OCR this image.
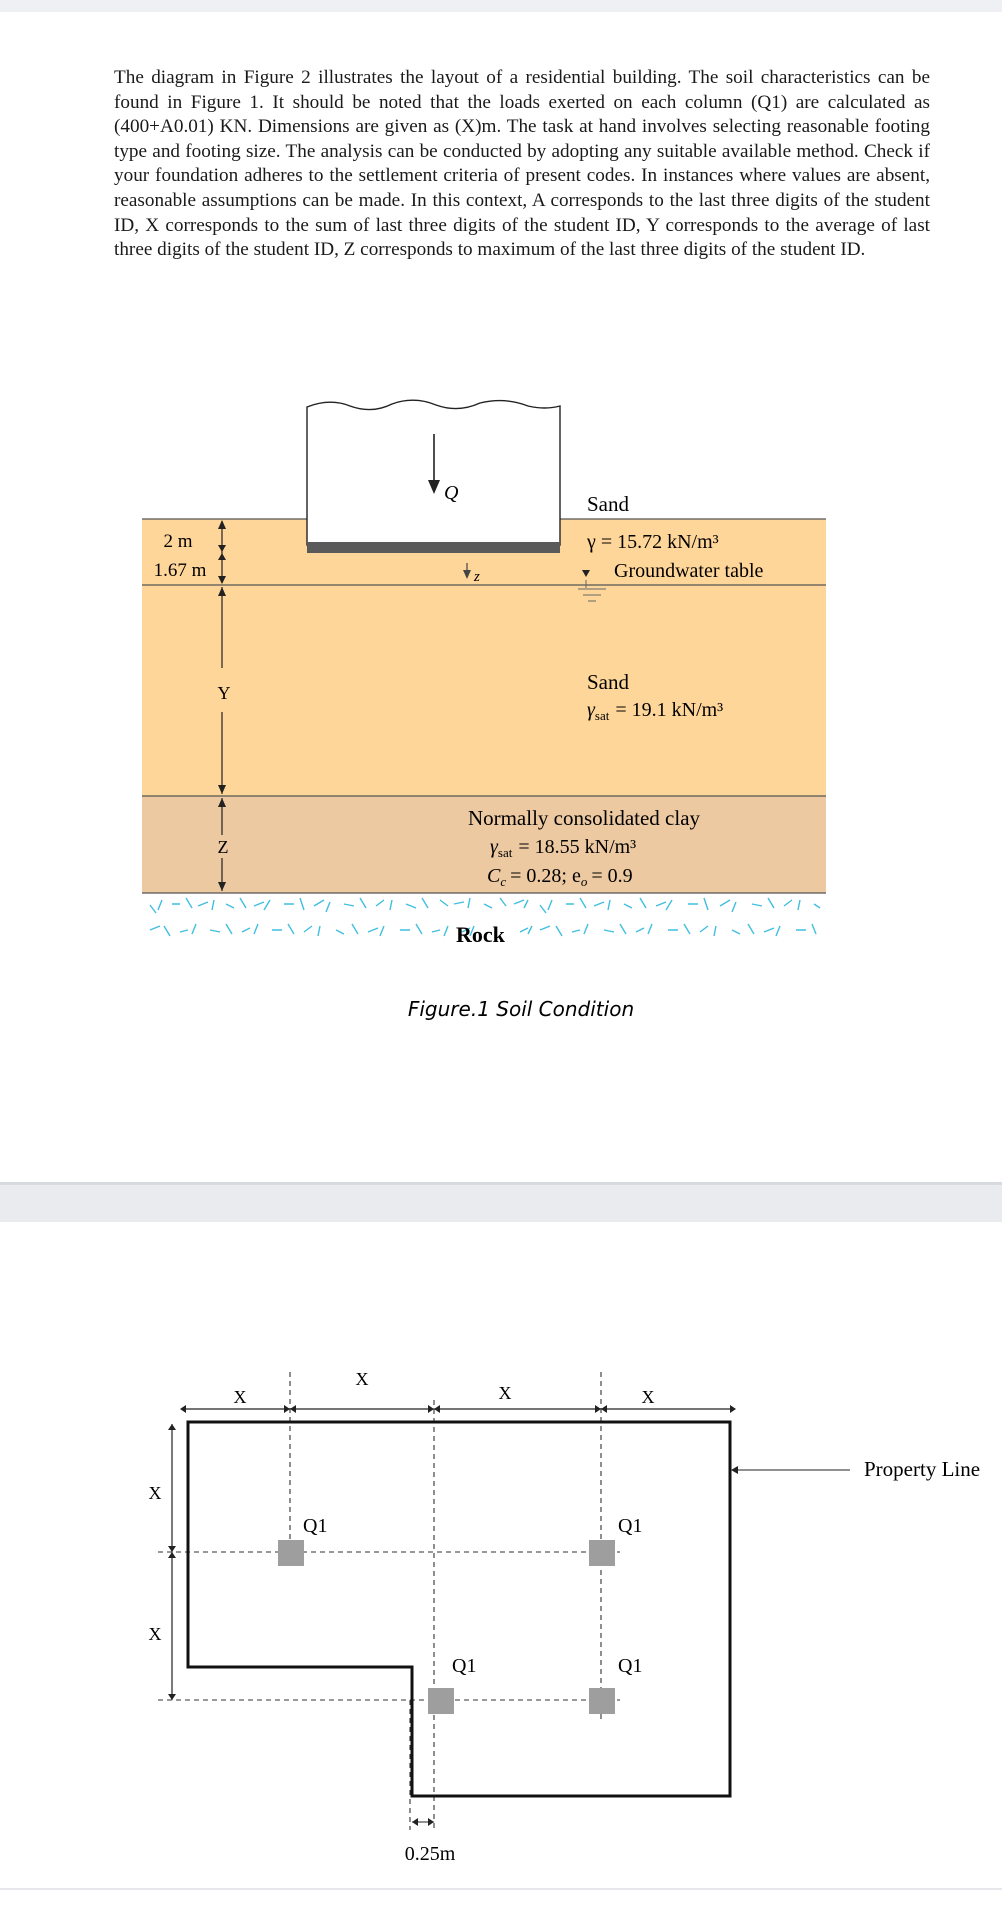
The diagram in Figure 2 illustrates the layout of a residential building. The soil characteristics can be found in Figure 1. It should be noted that the loads exerted on each column (Q1) are calculated as (400+A0.01) KN. Dimensions are given as (X)m. The task at hand involves selecting reasonable footing type and footing size. The analysis can be conducted by adopting any suitable available method. Check if your foundation adheres to the settlement criteria of present codes. In instances where values are absent, reasonable assumptions can be made. In this context, A corresponds to the last three digits of the student ID, X corresponds to the sum of last three digits of the student ID, Y corresponds to the average of last three digits of the student ID, Z corresponds to maximum of the last three digits of the student ID.
Q
z
2 m
1.67 m
Y
Z
Sand
γ = 15.72 kN/m³
Groundwater table
Sand
$\gamma_{sat} = 19.1$ kN/m³
Normally consolidated clay
$\gamma_{sat} = 18.55$ kN/m³
$C_c = 0.28$; $e_o = 0.9$
Rock
Figure.1 Soil Condition
X
X
X	X
X
X
Property Line
Q1	Q1
Q1	Q1
0.25m
